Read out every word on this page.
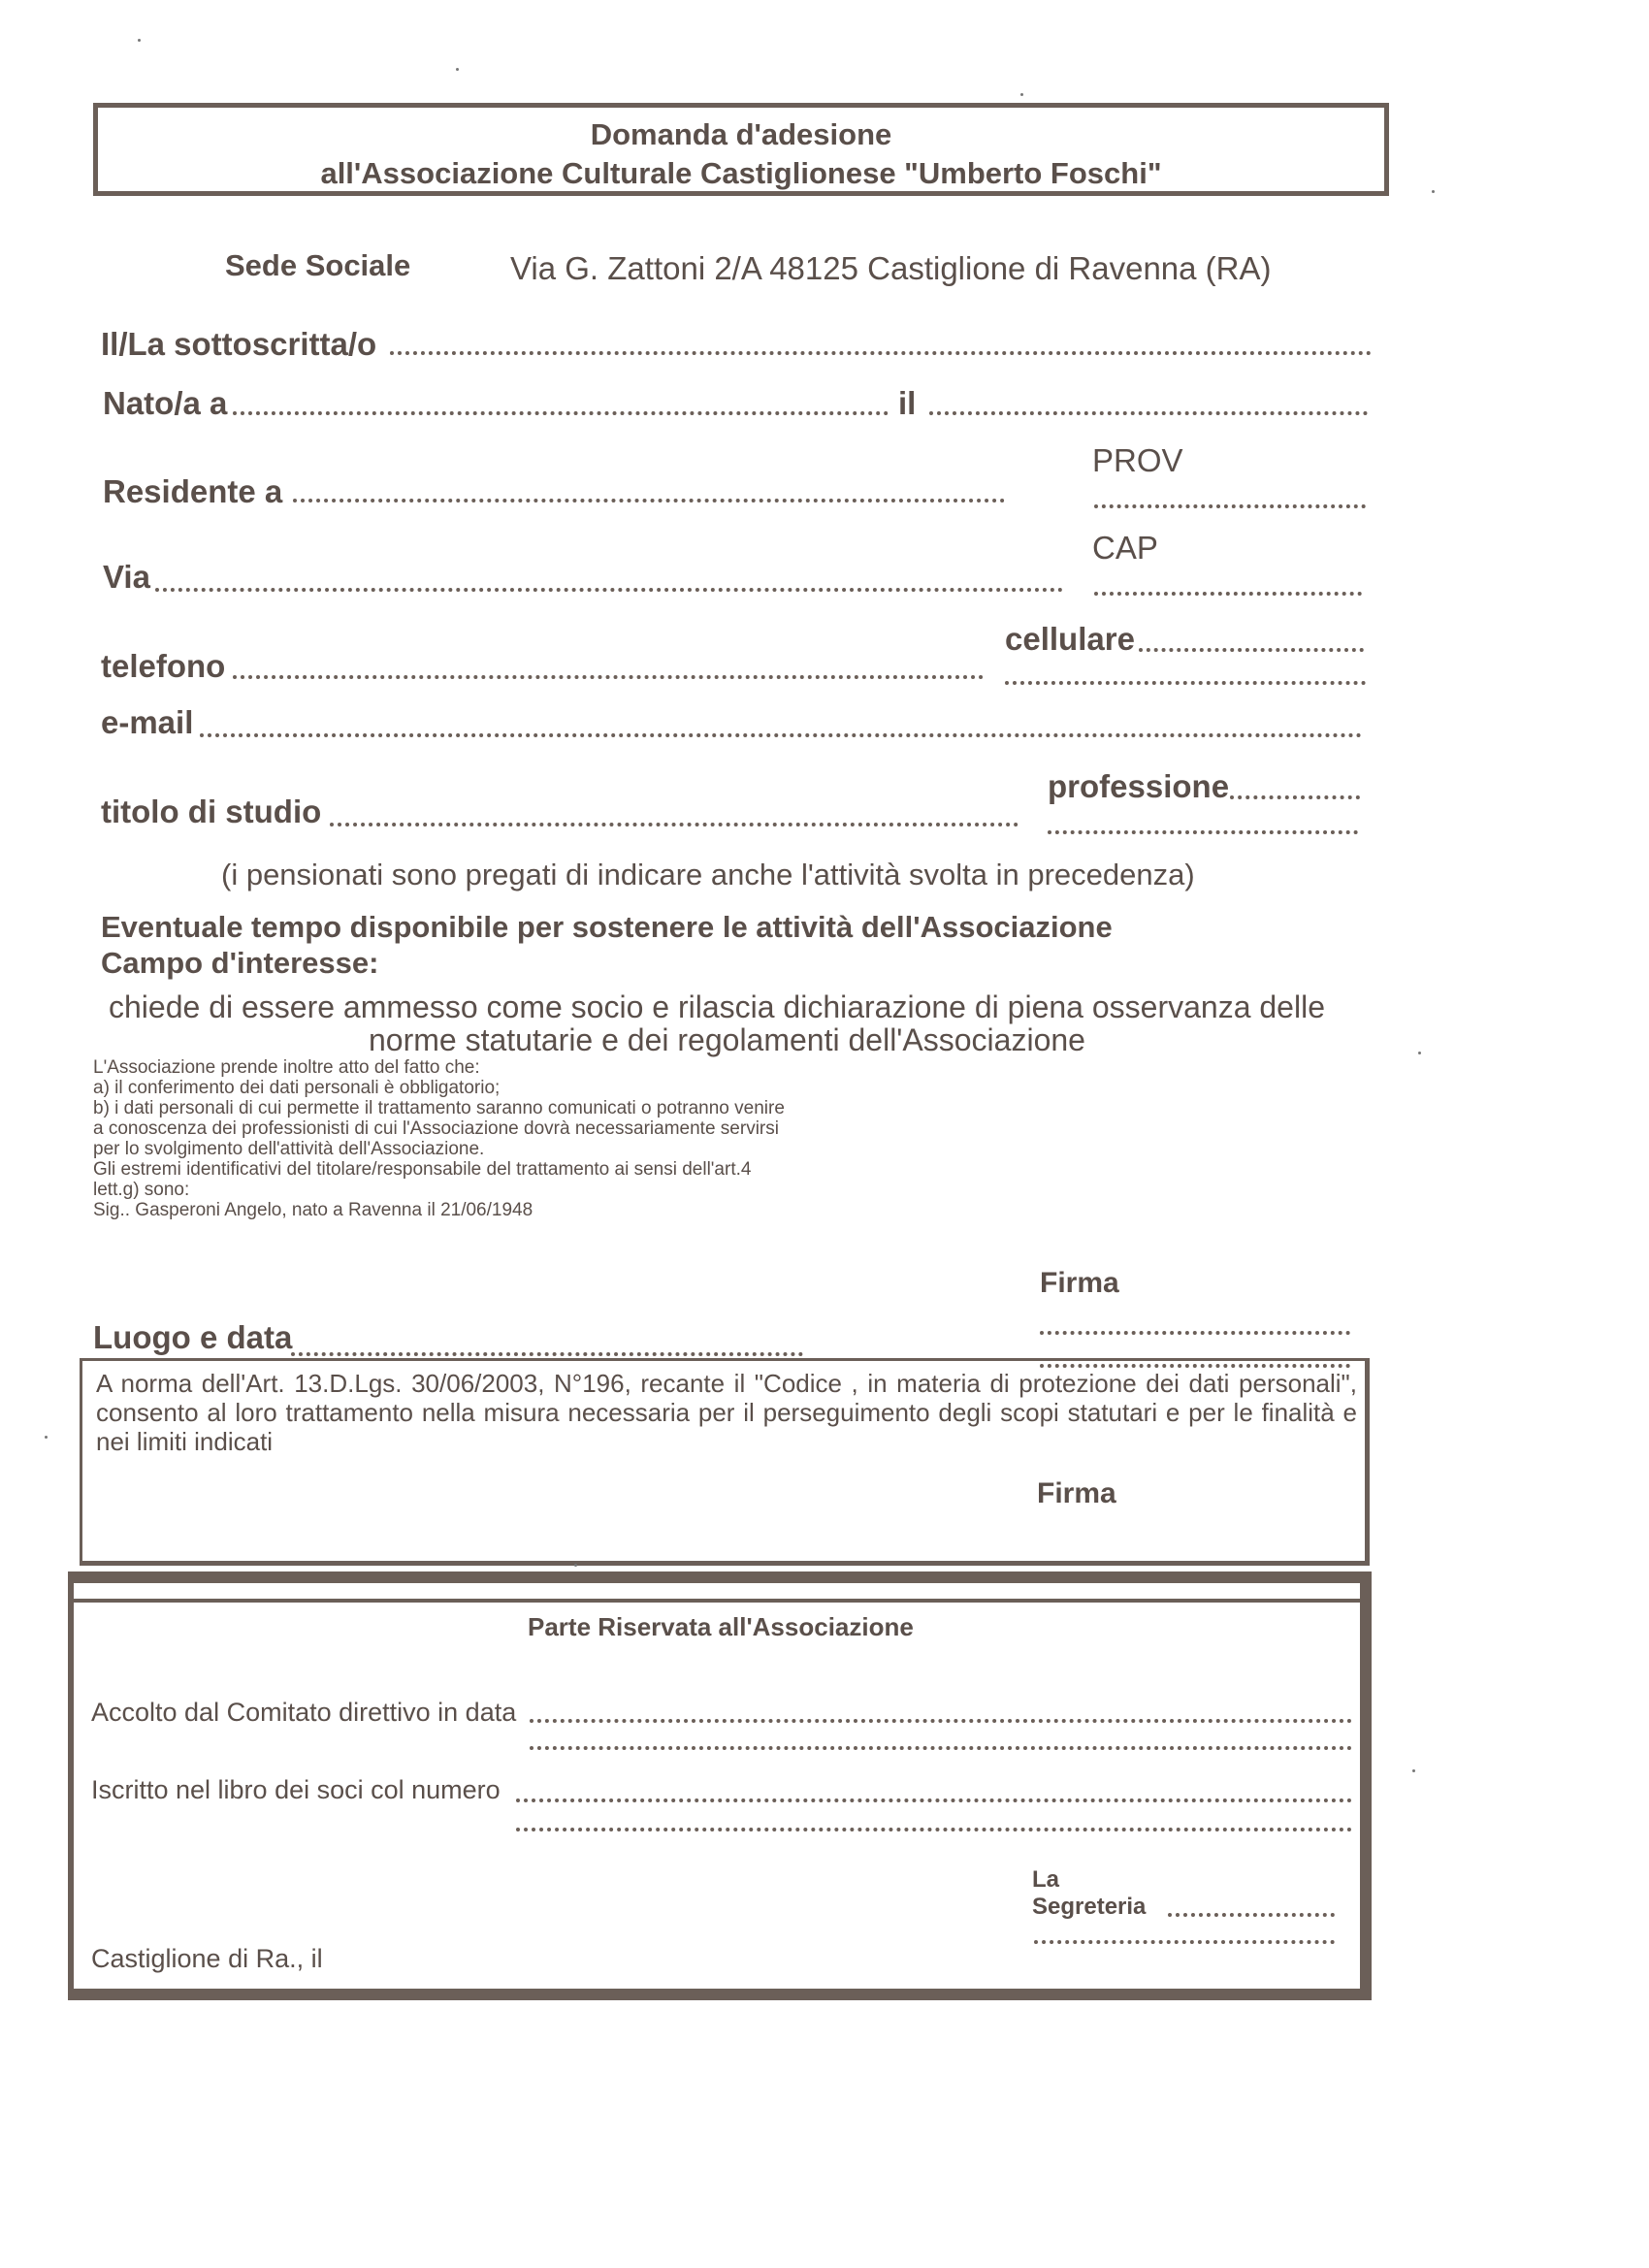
Domanda d'adesione
all'Associazione Culturale Castiglionese "Umberto Foschi"
Sede Sociale	Via G. Zattoni 2/A 48125 Castiglione di Ravenna (RA)
Il/La sottoscritta/o
Nato/a a	il
PROV
Residente a
CAP
Via
cellulare
telefono
e-mail
professione
titolo di studio
(i pensionati sono pregati di indicare anche l'attività svolta in precedenza)
Eventuale tempo disponibile per sostenere le attività dell'Associazione
Campo d'interesse:
chiede di essere ammesso come socio e rilascia dichiarazione di piena osservanza delle
norme statutarie e dei regolamenti dell'Associazione
L'Associazione prende inoltre atto del fatto che:
a) il conferimento dei dati personali è obbligatorio;
b) i dati personali di cui permette il trattamento saranno comunicati o potranno venire
a conoscenza dei professionisti di cui l'Associazione dovrà necessariamente servirsi
per lo svolgimento dell'attività dell'Associazione.
Gli estremi identificativi del titolare/responsabile del trattamento ai sensi dell'art.4
lett.g) sono:
Sig.. Gasperoni Angelo, nato a Ravenna il 21/06/1948
Firma
Luogo e data
A norma dell'Art. 13.D.Lgs. 30/06/2003, N°196, recante il "Codice , in materia di protezione dei dati personali", consento al loro trattamento nella misura necessaria per il perseguimento degli scopi statutari e per le finalità e nei limiti indicati
Firma
Parte Riservata all'Associazione
Accolto dal Comitato direttivo in data
Iscritto nel libro dei soci col numero
La
Segreteria
Castiglione di Ra., il
